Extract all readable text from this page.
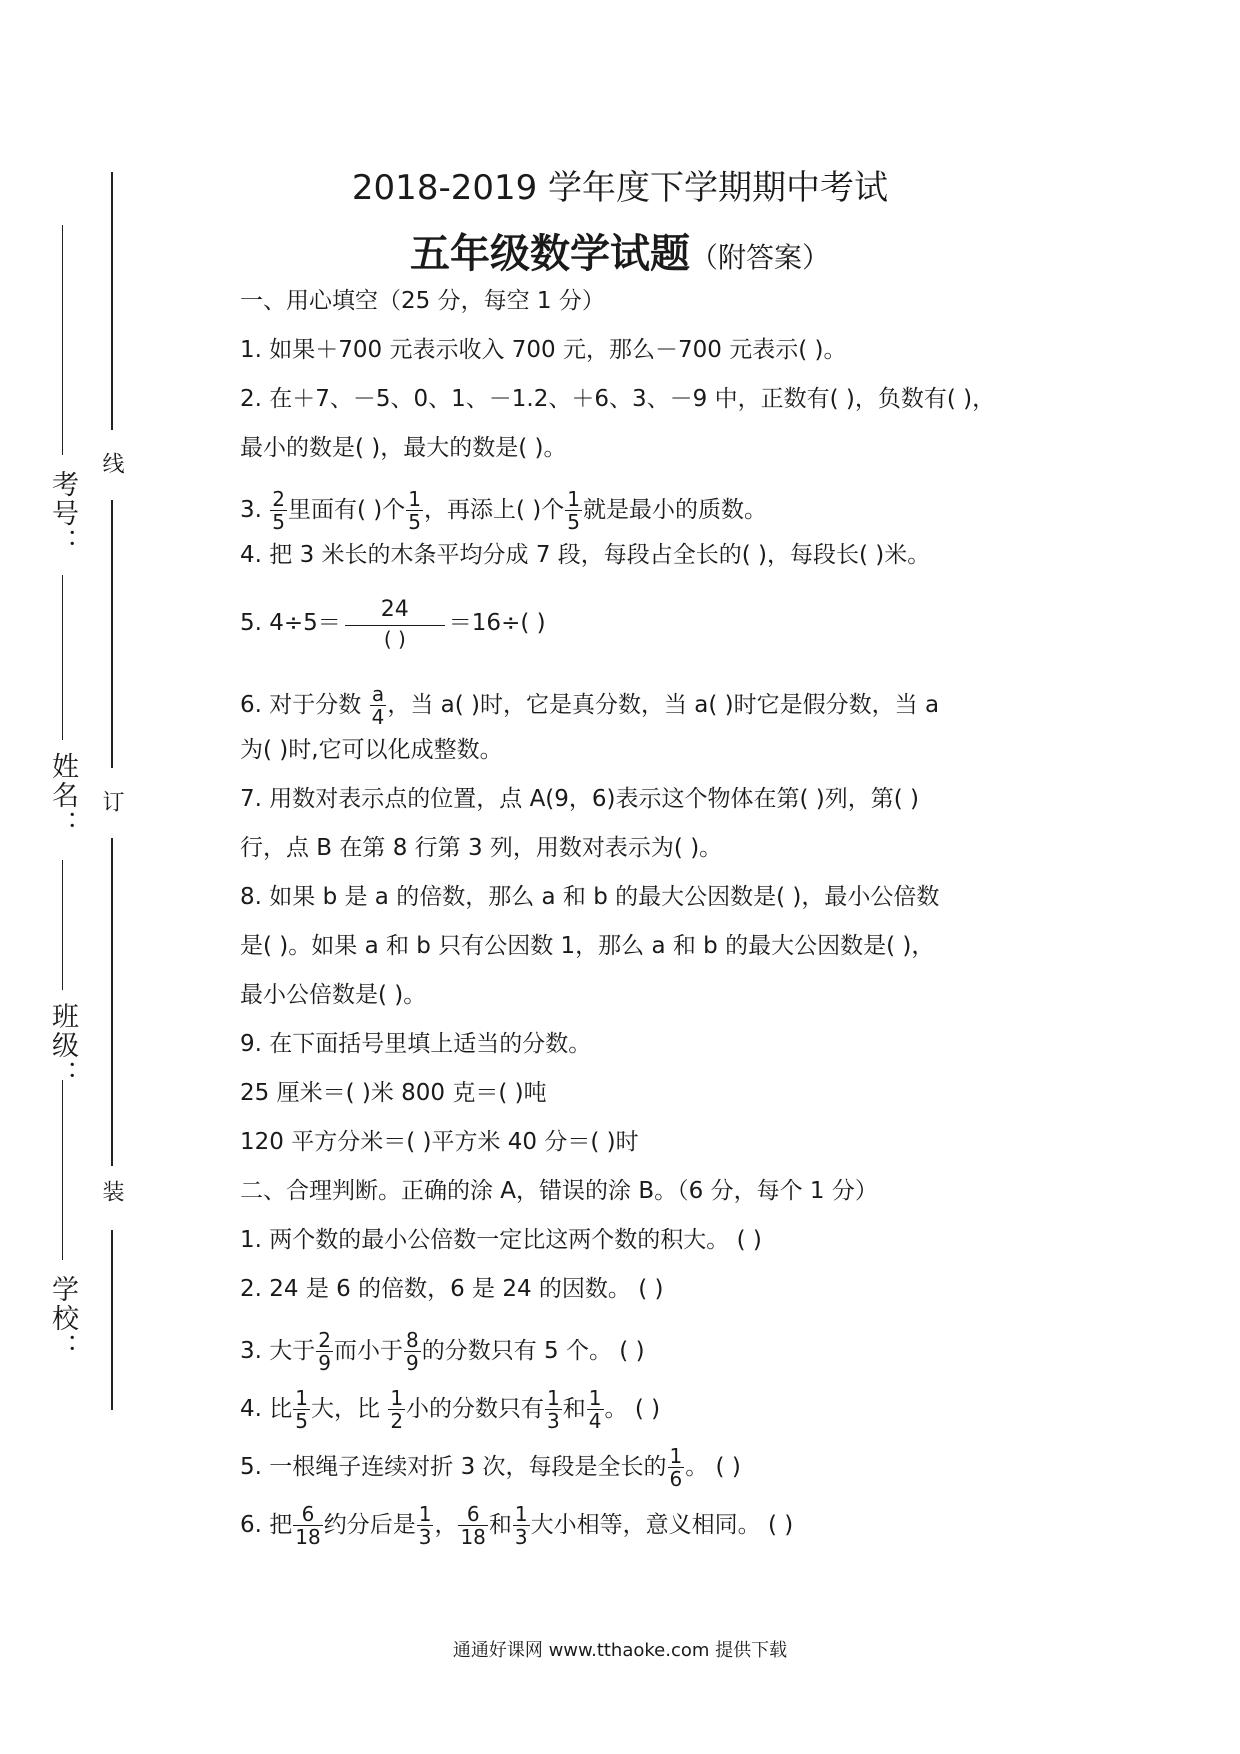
线
订
装
考号：
姓名：
班级：
学校：
2018-2019 学年度下学期期中考试
五年级数学试题（附答案）
一、用心填空（25 分，每空 1 分）
1. 如果＋700 元表示收入 700 元，那么－700 元表示( )。
2. 在＋7、－5、0、1、－1.2、＋6、3、－9 中，正数有( )，负数有( )，
最小的数是( )，最大的数是( )。
3. $\frac{2}{5}$ 里面有( )个 $\frac{1}{5}$ ，再添上( )个 $\frac{1}{5}$ 就是最小的质数。
4. 把 3 米长的木条平均分成 7 段，每段占全长的( )，每段长( )米。
5. $4\div 5= \frac{24}{( )} =16\div$( )
6. 对于分数 $\frac{a}{4}$ ，当 a( )时，它是真分数，当 a( )时它是假分数，当 a
为( )时,它可以化成整数。
7. 用数对表示点的位置，点 A(9，6)表示这个物体在第( )列，第( )
行，点 B 在第 8 行第 3 列，用数对表示为( )。
8. 如果 b 是 a 的倍数，那么 a 和 b 的最大公因数是( )，最小公倍数
是( )。如果 a 和 b 只有公因数 1，那么 a 和 b 的最大公因数是( )，
最小公倍数是( )。
9. 在下面括号里填上适当的分数。
25 厘米＝( )米 800 克＝( )吨
120 平方分米＝( )平方米 40 分＝( )时
二、合理判断。正确的涂 A，错误的涂 B。（6 分，每个 1 分）
1. 两个数的最小公倍数一定比这两个数的积大。 ( )
2. 24 是 6 的倍数，6 是 24 的因数。 ( )
3. 大于 $\frac{2}{9}$ 而小于 $\frac{8}{9}$ 的分数只有 5 个。 ( )
4. 比 $\frac{1}{5}$ 大，比 $\frac{1}{2}$ 小的分数只有 $\frac{1}{3}$ 和 $\frac{1}{4}$ 。 ( )
5. 一根绳子连续对折 3 次，每段是全长的 $\frac{1}{6}$ 。 ( )
6. 把 $\frac{6}{18}$ 约分后是 $\frac{1}{3}$ ， $\frac{6}{18}$ 和 $\frac{1}{3}$ 大小相等，意义相同。 ( )
通通好课网 www.tthaoke.com 提供下载
